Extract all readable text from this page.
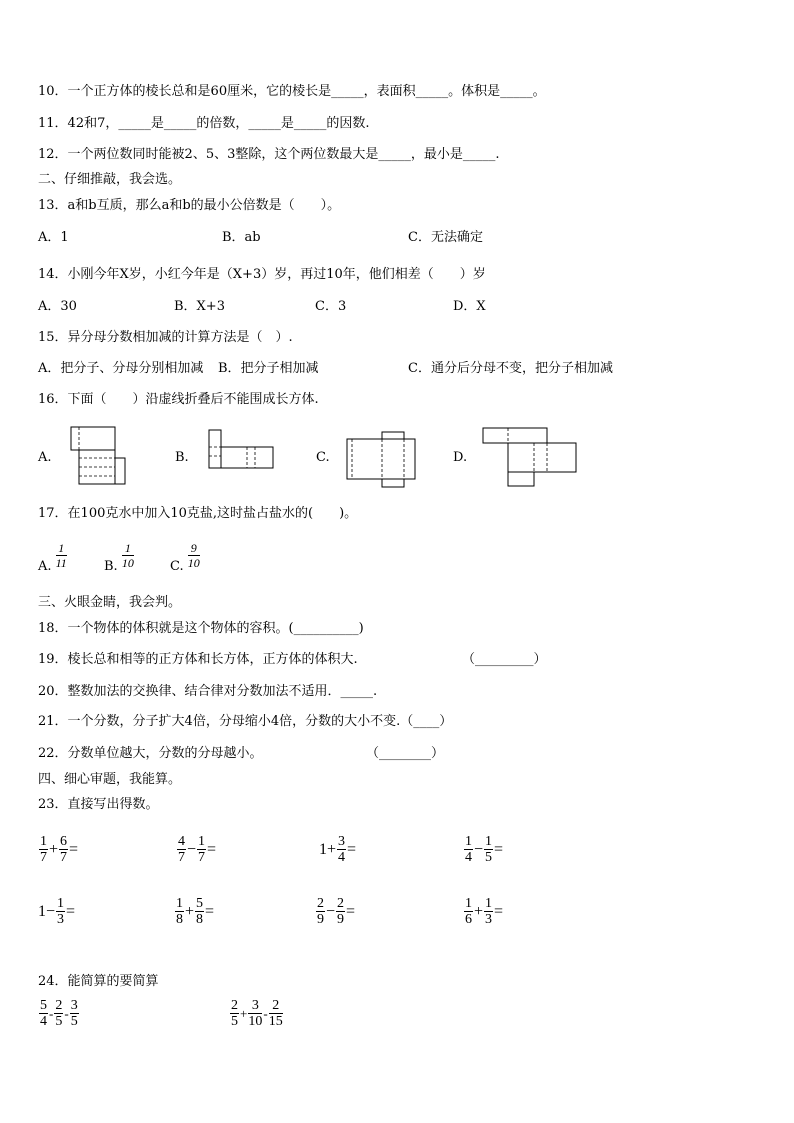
10．一个正方体的棱长总和是60厘米，它的棱长是_____，表面积_____。体积是_____。
11．42和7，_____是_____的倍数，_____是_____的因数.
12．一个两位数同时能被2、5、3整除，这个两位数最大是_____，最小是_____.
二、仔细推敲，我会选。
13．a和b互质，那么a和b的最小公倍数是（　　）。
A．1	B．ab	C．无法确定
14．小刚今年X岁，小红今年是（X+3）岁，再过10年，他们相差（　　）岁
A．30	B．X+3	C．3	D．X
15．异分母分数相加减的计算方法是（　）.
A．把分子、分母分别相加减 B．把分子相加减	C．通分后分母不变，把分子相加减
16．下面（　　）沿虚线折叠后不能围成长方体.
A.	B.	C.	D.
17．在100克水中加入10克盐,这时盐占盐水的(　　)。
A. $\frac{1}{11}$	B. $\frac{1}{10}$	C. $\frac{9}{10}$
三、火眼金睛，我会判。
18．一个物体的体积就是这个物体的容积。(__________)
19．棱长总和相等的正方体和长方体，正方体的体积大.	（_________）
20．整数加法的交换律、结合律对分数加法不适用．_____.
21．一个分数，分子扩大4倍，分母缩小4倍，分数的大小不变.（____）
22．分数单位越大，分数的分母越小。	（________）
四、细心审题，我能算。
23．直接写出得数。
$\frac{1}{7} + \frac{6}{7}$ =	$\frac{4}{7} - \frac{1}{7}$ =	$1+ \frac{3}{4}$ =	$\frac{1}{4} - \frac{1}{5}$ =
$1- \frac{1}{3}$ =	$\frac{1}{8} + \frac{5}{8}$ =	$\frac{2}{9} - \frac{2}{9}$ =	$\frac{1}{6} + \frac{1}{3}$ =
24．能简算的要简算
$\frac{5}{4} - \frac{2}{5} - \frac{3}{5}$	$\frac{2}{5} + \frac{3}{10} - \frac{2}{15}$
